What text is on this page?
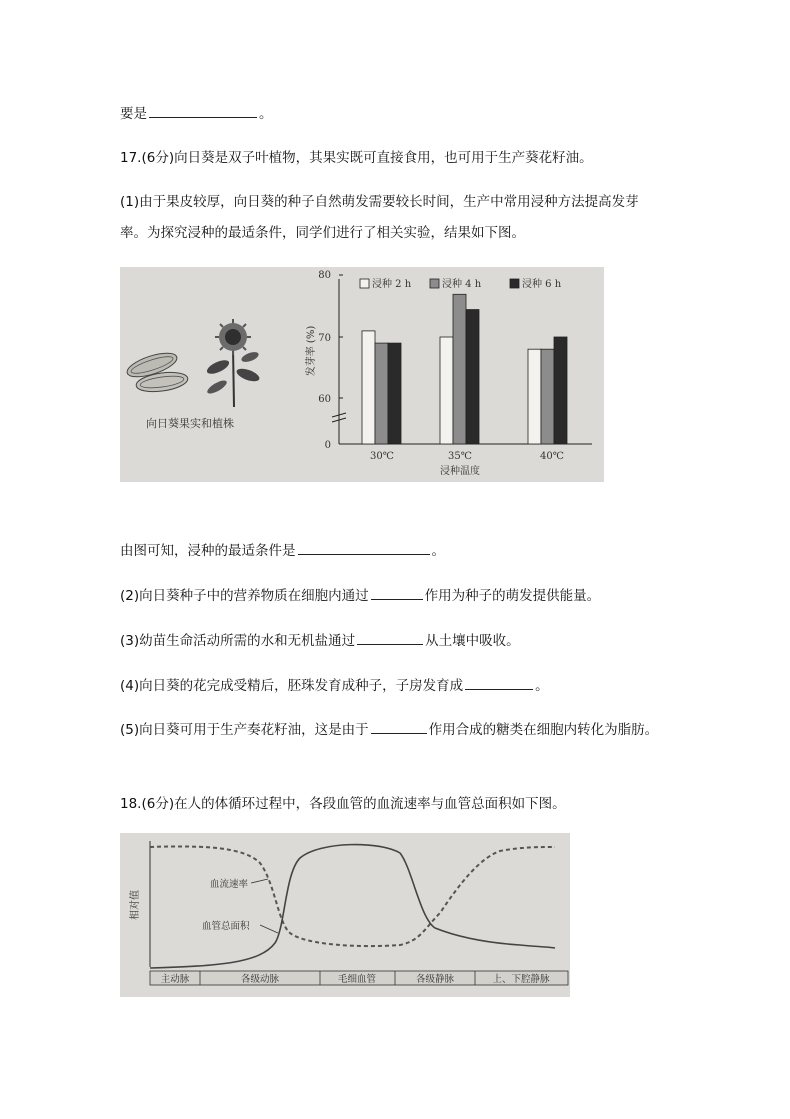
要是	。
17.(6分)向日葵是双子叶植物，其果实既可直接食用，也可用于生产葵花籽油。
(1)由于果皮较厚，向日葵的种子自然萌发需要较长时间，生产中常用浸种方法提高发芽
率。为探究浸种的最适条件，同学们进行了相关实验，结果如下图。
向日葵果实和植株
80
70
60
0
发芽率 (%)
浸种 2 h	浸种 4 h	浸种 6 h
30℃	35℃	40℃
浸种温度
由图可知，浸种的最适条件是	。
(2)向日葵种子中的营养物质在细胞内通过	作用为种子的萌发提供能量。
(3)幼苗生命活动所需的水和无机盐通过	从土壤中吸收。
(4)向日葵的花完成受精后，胚珠发育成种子，子房发育成	。
(5)向日葵可用于生产奏花籽油，这是由于	作用合成的糖类在细胞内转化为脂肪。
18.(6分)在人的体循环过程中，各段血管的血流速率与血管总面积如下图。
相对值
血流速率
血管总面积
主动脉	各级动脉	毛细血管	各级静脉	上、下腔静脉
